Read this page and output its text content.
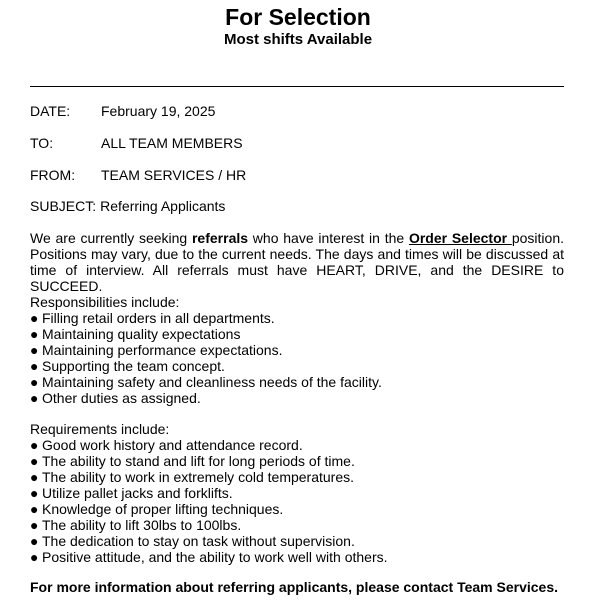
For Selection
Most shifts Available
DATE: February 19, 2025
TO:	ALL TEAM MEMBERS
FROM: TEAM SERVICES / HR
SUBJECT: Referring Applicants
We are currently seeking referrals who have interest in the Order Selector position. Positions may vary, due to the current needs. The days and times will be discussed at time of interview. All referrals must have HEART, DRIVE, and the DESIRE to SUCCEED.
Responsibilities include:
● Filling retail orders in all departments.
● Maintaining quality expectations
● Maintaining performance expectations.
● Supporting the team concept.
● Maintaining safety and cleanliness needs of the facility.
● Other duties as assigned.
Requirements include:
● Good work history and attendance record.
● The ability to stand and lift for long periods of time.
● The ability to work in extremely cold temperatures.
● Utilize pallet jacks and forklifts.
● Knowledge of proper lifting techniques.
● The ability to lift 30lbs to 100lbs.
● The dedication to stay on task without supervision.
● Positive attitude, and the ability to work well with others.
For more information about referring applicants, please contact Team Services.
